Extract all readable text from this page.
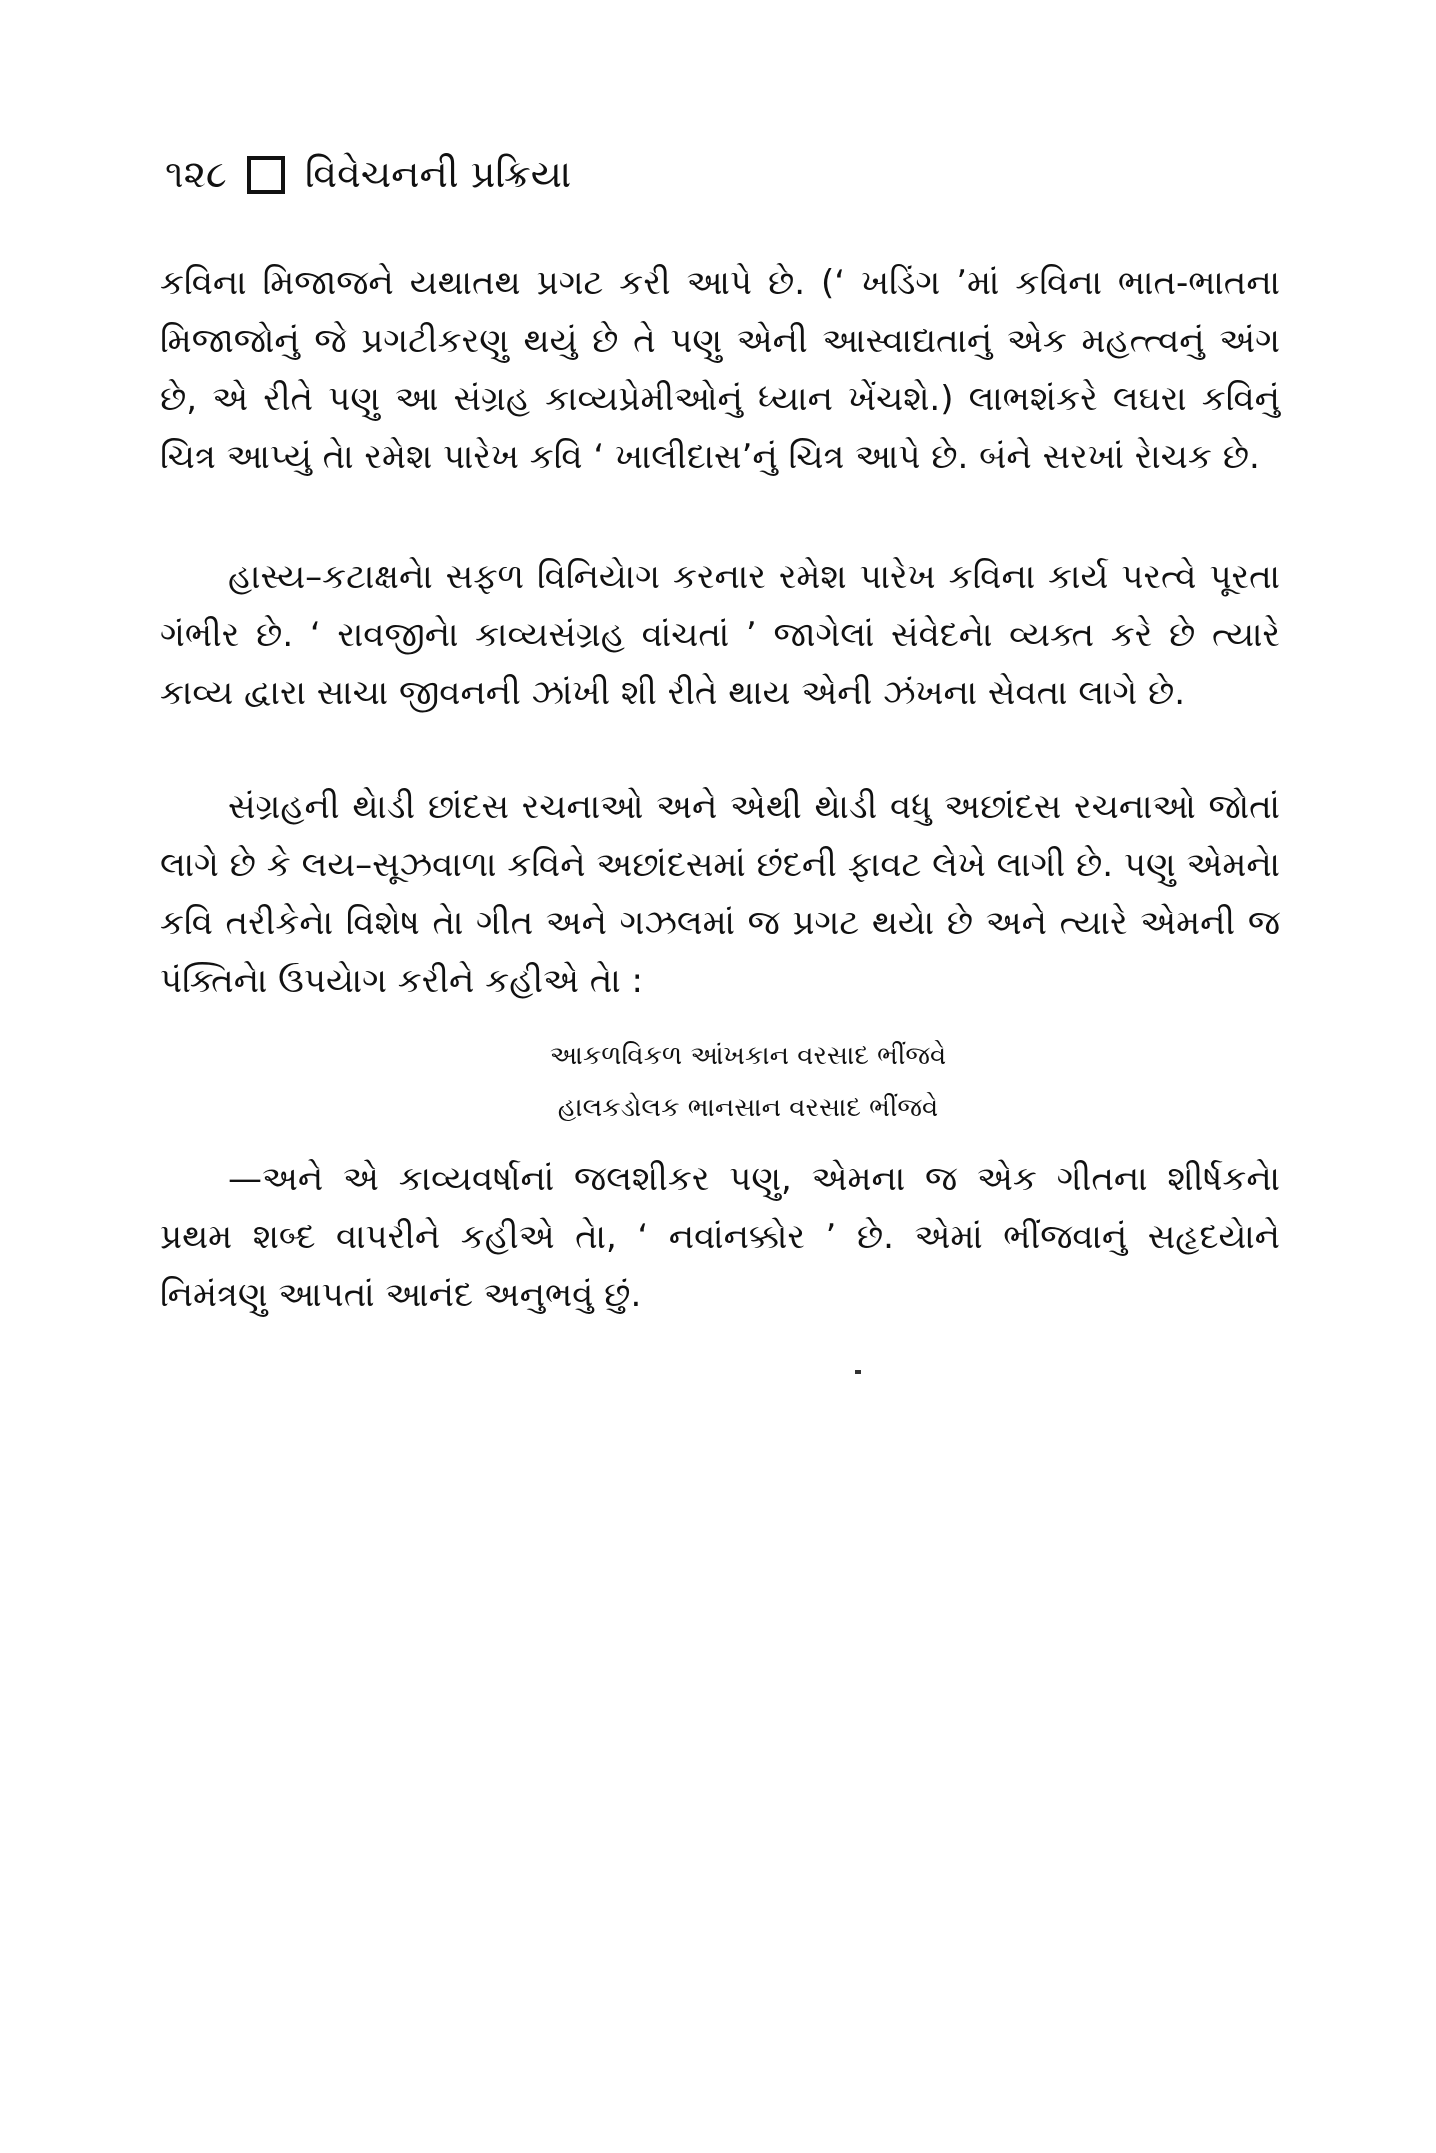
૧૨૮ વિવેચનની પ્રક્રિયા

કવિના મિજાજને યથાતથ પ્રગટ કરી આપે છે. (‘ ખડિંગ ’માં કવિના ભાત-ભાતના મિજાજોનું જે પ્રગટીકરણુ થયું છે તે પણુ એની આસ્વાદ્યતાનું એક મહત્ત્વનું અંગ છે, એ રીતે પણુ આ સંગ્રહ કાવ્યપ્રેમીઓનું ધ્યાન ખેંચશે.) લાભશંકરે લઘરા કવિનું ચિત્ર આપ્યું તેા રમેશ પારેખ કવિ ‘ ખાલીદાસ’નું ચિત્ર આપે છે. બંને સરખાં રેાચક છે.

હાસ્ય–કટાક્ષનેા સફળ વિનિયેાગ કરનાર રમેશ પારેખ કવિના કાર્ય પરત્વે પૂરતા ગંભીર છે. ‘ રાવજીનેા કાવ્યસંગ્રહ વાંચતાં ’ જાગેલાં સંવેદનેા વ્યક્ત કરે છે ત્યારે કાવ્ય દ્વારા સાચા જીવનની ઝાંખી શી રીતે થાય એની ઝંખના સેવતા લાગે છે.

સંગ્રહની થેાડી છાંદસ રચનાઓ અને એથી થેાડી વધુ અછાંદસ રચનાઓ જોતાં લાગે છે કે લય–સૂઝવાળા કવિને અછાંદસમાં છંદની ફાવટ લેખે લાગી છે. પણુ એમનેા કવિ તરીકેનેા વિશેષ તેા ગીત અને ગઝલમાં જ પ્રગટ થયેા છે અને ત્યારે એમની જ પંક્તિનેા ઉપયેાગ કરીને કહીએ તેા :

આકળવિકળ આંખકાન વરસાદ ભીંજવે
હાલકડોલક ભાનસાન વરસાદ ભીંજવે

—અને એ કાવ્યવર્ષાનાં જલશીકર પણુ, એમના જ એક ગીતના શીર્ષકનેા પ્રથમ શબ્દ વાપરીને કહીએ તેા, ‘ નવાંનક્કોર ’ છે. એમાં ભીંજવાનું સહૃદયેાને નિમંત્રણુ આપતાં આનંદ અનુભવું છું.
